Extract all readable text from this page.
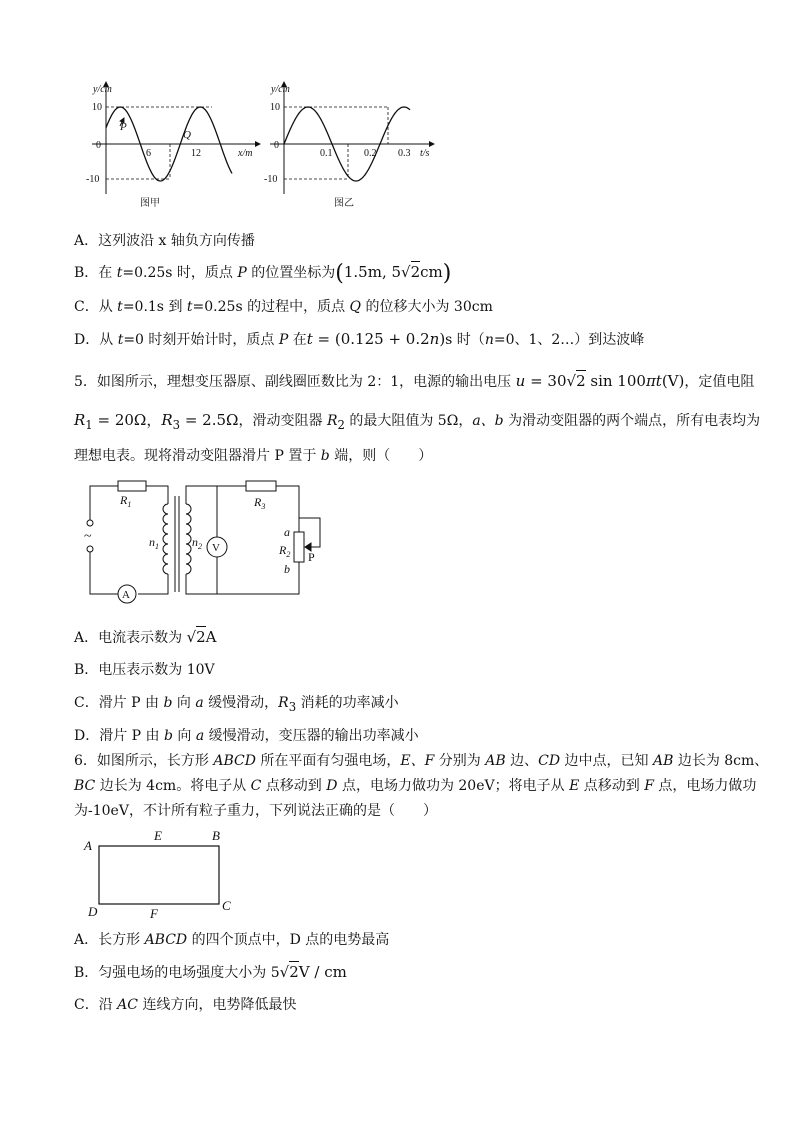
y/cm
10
0
-10
6	12	x/m
P
Q
图甲
y/cm
10
0
-10
0.1	0.2 0.3 t/s
图乙
A．这列波沿 x 轴负方向传播
B．在 t=0.25s 时，质点 P 的位置坐标为(1.5m, 5√2cm)
C．从 t=0.1s 到 t=0.25s 的过程中，质点 Q 的位移大小为 30cm
D．从 t=0 时刻开始计时，质点 P 在t = (0.125 + 0.2n)s 时（n=0、1、2…）到达波峰
5．如图所示，理想变压器原、副线圈匝数比为 2：1，电源的输出电压 u = 30√2 sin 100πt(V)，定值电阻
$R_1 = 20\Omega$，$R_3 = 2.5\Omega$，滑动变阻器 $R_2$ 的最大阻值为 5Ω，a、b 为滑动变阻器的两个端点，所有电表均为
理想电表。现将滑动变阻器滑片 P 置于 b 端，则（　　）
$R_1$	$R_3$
$R_2$
$n_1$	$n_2$
A
V
a
b
P
~
A．电流表示数为 √2A
B．电压表示数为 10V
C．滑片 P 由 b 向 a 缓慢滑动，$R_3$ 消耗的功率减小
D．滑片 P 由 b 向 a 缓慢滑动，变压器的输出功率减小
6．如图所示，长方形 ABCD 所在平面有匀强电场，E、F 分别为 AB 边、CD 边中点，已知 AB 边长为 8cm、
BC 边长为 4cm。将电子从 C 点移动到 D 点，电场力做功为 20eV；将电子从 E 点移动到 F 点，电场力做功
为-10eV，不计所有粒子重力，下列说法正确的是（　　）
A
B
C
D
E
F
A．长方形 ABCD 的四个顶点中，D 点的电势最高
B．匀强电场的电场强度大小为 5√2V / cm
C．沿 AC 连线方向，电势降低最快
